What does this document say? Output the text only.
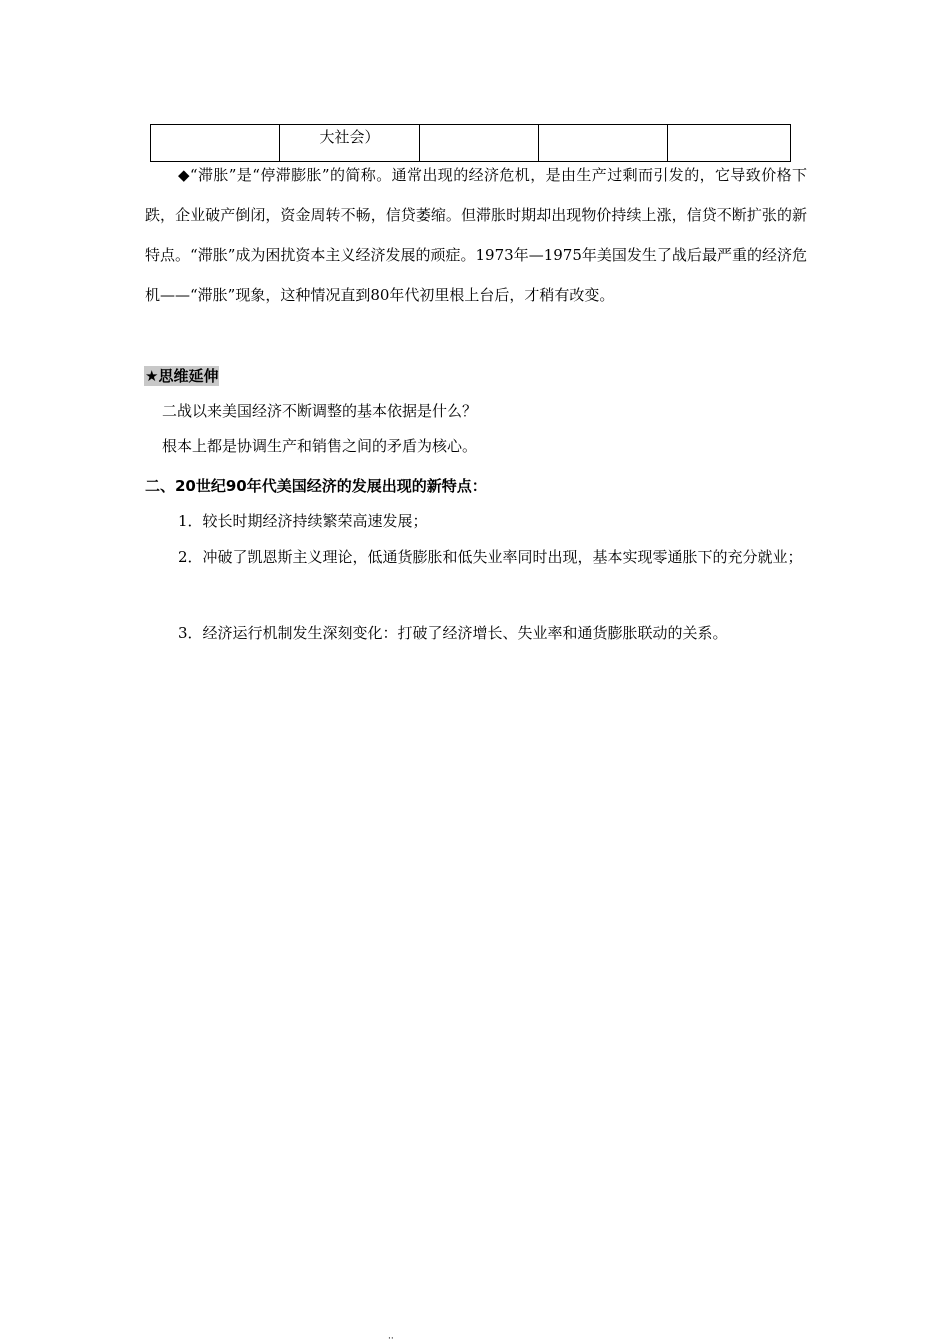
	大社会）			

◆“滞胀”是“停滞膨胀”的简称。通常出现的经济危机，是由生产过剩而引发的，它导致价格下跌，企业破产倒闭，资金周转不畅，信贷萎缩。但滞胀时期却出现物价持续上涨，信贷不断扩张的新特点。“滞胀”成为困扰资本主义经济发展的顽症。1973年—1975年美国发生了战后最严重的经济危机——“滞胀”现象，这种情况直到80年代初里根上台后，才稍有改变。

★思维延伸

二战以来美国经济不断调整的基本依据是什么？

根本上都是协调生产和销售之间的矛盾为核心。

二、20世纪90年代美国经济的发展出现的新特点：

1．较长时期经济持续繁荣高速发展；

2．冲破了凯恩斯主义理论，低通货膨胀和低失业率同时出现，基本实现零通胀下的充分就业；

3．经济运行机制发生深刻变化：打破了经济增长、失业率和通货膨胀联动的关系。

··
